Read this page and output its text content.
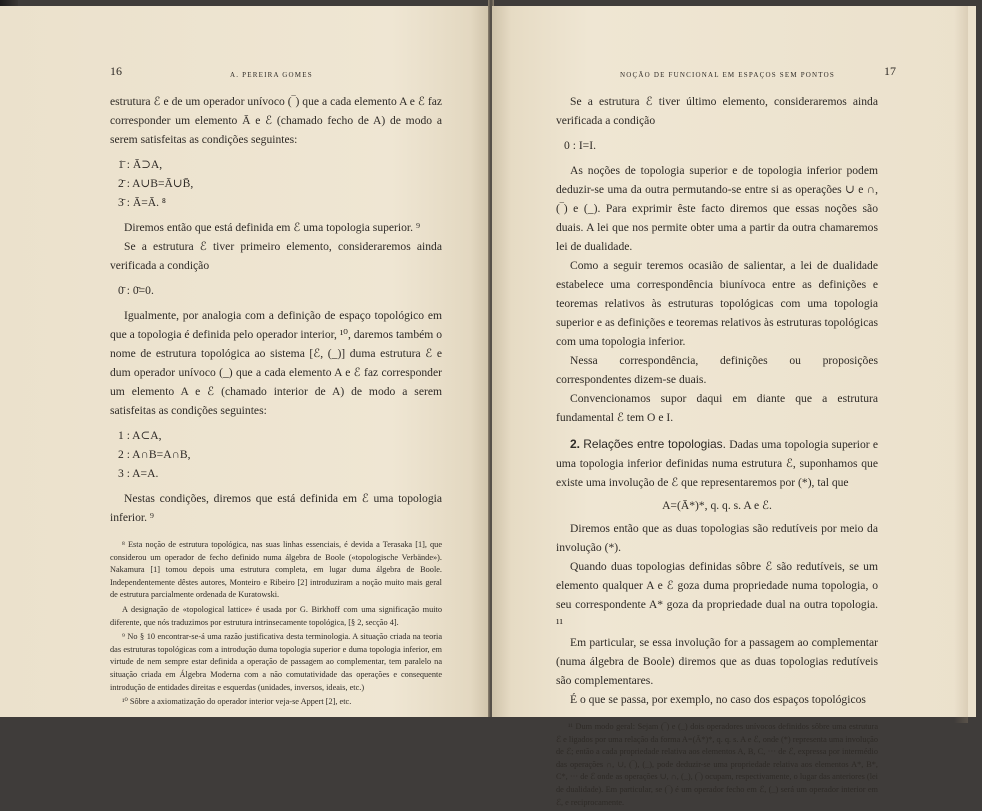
16	A. PEREIRA GOMES

estrutura ℰ e de um operador unívoco (‾) que a cada elemento A e ℰ faz corresponder um elemento Ā e ℰ (chamado fecho de A) de modo a serem satisfeitas as condições seguintes:

1̄ : Ā⊃A,
2̄ : A∪B=Ā∪B̄,
3̄ : Ā=Ā. ⁸

Diremos então que está definida em ℰ uma topologia superior. ⁹

Se a estrutura ℰ tiver primeiro elemento, consideraremos ainda verificada a condição

0̄ : 0̄=0.

Igualmente, por analogia com a definição de espaço topológico em que a topologia é definida pelo operador interior, ¹⁰, daremos também o nome de estrutura topológica ao sistema [ℰ, (_)] duma estrutura ℰ e dum operador unívoco (_) que a cada elemento A e ℰ faz corresponder um elemento A e ℰ (chamado interior de A) de modo a serem satisfeitas as condições seguintes:

1 : A⊂A,
2 : A∩B=A∩B,
3 : A=A.

Nestas condições, diremos que está definida em ℰ uma topologia inferior. ⁹

⁸ Esta noção de estrutura topológica, nas suas linhas essenciais, é devida a Terasaka [1], que considerou um operador de fecho definido numa álgebra de Boole («topologische Verbände»). Nakamura [1] tomou depois uma estrutura completa, em lugar duma álgebra de Boole. Independentemente dêstes autores, Monteiro e Ribeiro [2] introduziram a noção muito mais geral de estrutura parcialmente ordenada de Kuratowski.

A designação de «topological lattice» é usada por G. Birkhoff com uma significação muito diferente, que nós traduzimos por estrutura intrinsecamente topológica, [§ 2, secção 4].

⁹ No § 10 encontrar-se-á uma razão justificativa desta terminologia. A situação criada na teoria das estruturas topológicas com a introdução duma topologia superior e duma topologia inferior, em virtude de nem sempre estar definida a operação de passagem ao complementar, tem paralelo na situação criada em Álgebra Moderna com a não comutatividade das operações e consequente introdução de entidades direitas e esquerdas (unidades, inversos, ideais, etc.)

¹⁰ Sôbre a axiomatização do operador interior veja-se Appert [2], etc.

NOÇÃO DE FUNCIONAL EM ESPAÇOS SEM PONTOS	17

Se a estrutura ℰ tiver último elemento, consideraremos ainda verificada a condição

0 : I=I.

As noções de topologia superior e de topologia inferior podem deduzir-se uma da outra permutando-se entre si as operações ∪ e ∩, (‾) e (_). Para exprimir êste facto diremos que essas noções são duais. A lei que nos permite obter uma a partir da outra chamaremos lei de dualidade.

Como a seguir teremos ocasião de salientar, a lei de dualidade estabelece uma correspondência biunívoca entre as definições e teoremas relativos às estruturas topológicas com uma topologia superior e as definições e teoremas relativos às estruturas topológicas com uma topologia inferior.

Nessa correspondência, definições ou proposições correspondentes dizem-se duais.

Convencionamos supor daqui em diante que a estrutura fundamental ℰ tem O e I.

2. Relações entre topologias. Dadas uma topologia superior e uma topologia inferior definidas numa estrutura ℰ, suponhamos que existe uma involução de ℰ que representaremos por (*), tal que

A=(Ā*)*, q. q. s. A e ℰ.

Diremos então que as duas topologias são redutíveis por meio da involução (*).

Quando duas topologias definidas sôbre ℰ são redutíveis, se um elemento qualquer A e ℰ goza duma propriedade numa topologia, o seu correspondente A* goza da propriedade dual na outra topologia. ¹¹

Em particular, se essa involução for a passagem ao complementar (numa álgebra de Boole) diremos que as duas topologias redutíveis são complementares.

É o que se passa, por exemplo, no caso dos espaços topológicos

¹¹ Dum modo geral: Sejam (‾) e (_) dois operadores unívocos definidos sôbre uma estrutura ℰ e ligados por uma relação da forma A=(Ā*)*, q. q. s. A e ℰ, onde (*) representa uma involução de ℰ; então a cada propriedade relativa aos elementos A, B, C, ··· de ℰ, expressa por intermédio das operações ∩, ∪, (‾), (_), pode deduzir-se uma propriedade relativa aos elementos A*, B*, C*, ··· de ℰ onde as operações ∪, ∩, (_), (‾) ocupam, respectivamente, o lugar das anteriores (lei de dualidade). Em particular, se (‾) é um operador fecho em ℰ, (_) será um operador interior em ℰ, e reciprocamente.
